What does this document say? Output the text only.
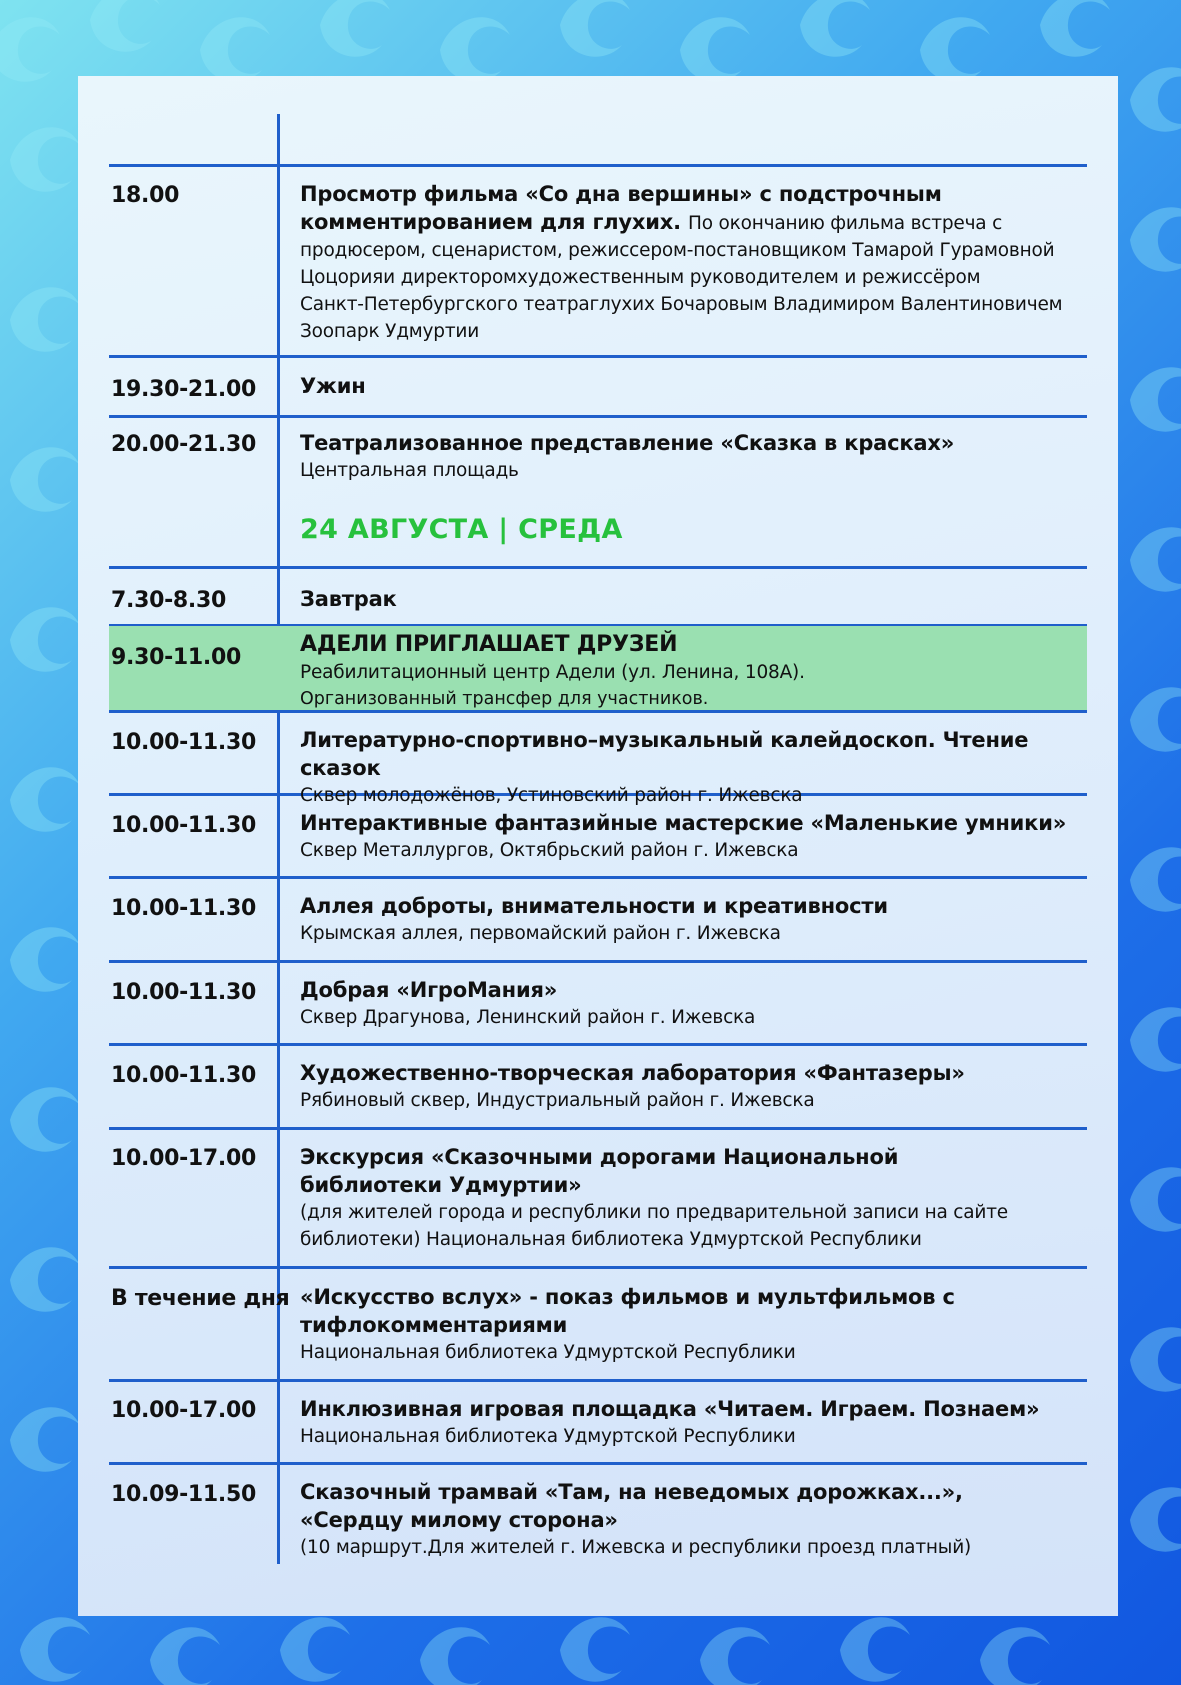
18.00	Просмотр фильма «Со дна вершины» с подстрочным
комментированием для глухих. По окончанию фильма встреча с
продюсером, сценаристом, режиссером-постановщиком Тамарой Гурамовной
Цоцорияи директоромхудожественным руководителем и режиссёром
Санкт-Петербургского театраглухих Бочаровым Владимиром Валентиновичем
Зоопарк Удмуртии
19.30-21.00 Ужин
20.00-21.30 Театрализованное представление «Сказка в красках»
Центральная площадь
24 АВГУСТА | СРЕДА
7.30-8.30	Завтрак
9.30-11.00
АДЕЛИ ПРИГЛАШАЕТ ДРУЗЕЙ
Реабилитационный центр Адели (ул. Ленина, 108А).
Организованный трансфер для участников.
10.00-11.30 Литературно-спортивно–музыкальный калейдоскоп. Чтение сказок
Сквер молодожёнов, Устиновский район г. Ижевска
10.00-11.30 Интерактивные фантазийные мастерские «Маленькие умники»
Сквер Металлургов, Октябрьский район г. Ижевска
10.00-11.30 Аллея доброты, внимательности и креативности
Крымская аллея, первомайский район г. Ижевска
10.00-11.30 Добрая «ИгроМания»
Сквер Драгунова, Ленинский район г. Ижевска
10.00-11.30 Художественно-творческая лаборатория «Фантазеры»
Рябиновый сквер, Индустриальный район г. Ижевска
10.00-17.00 Экскурсия «Сказочными дорогами Национальной
библиотеки Удмуртии»
(для жителей города и республики по предварительной записи на сайте
библиотеки) Национальная библиотека Удмуртской Республики
В течение дня «Искусство вслух» - показ фильмов и мультфильмов с
тифлокомментариями
Национальная библиотека Удмуртской Республики
10.00-17.00 Инклюзивная игровая площадка «Читаем. Играем. Познаем»
Национальная библиотека Удмуртской Республики
10.09-11.50 Сказочный трамвай «Там, на неведомых дорожках...»,
«Сердцу милому сторона»
(10 маршрут.Для жителей г. Ижевска и республики проезд платный)
